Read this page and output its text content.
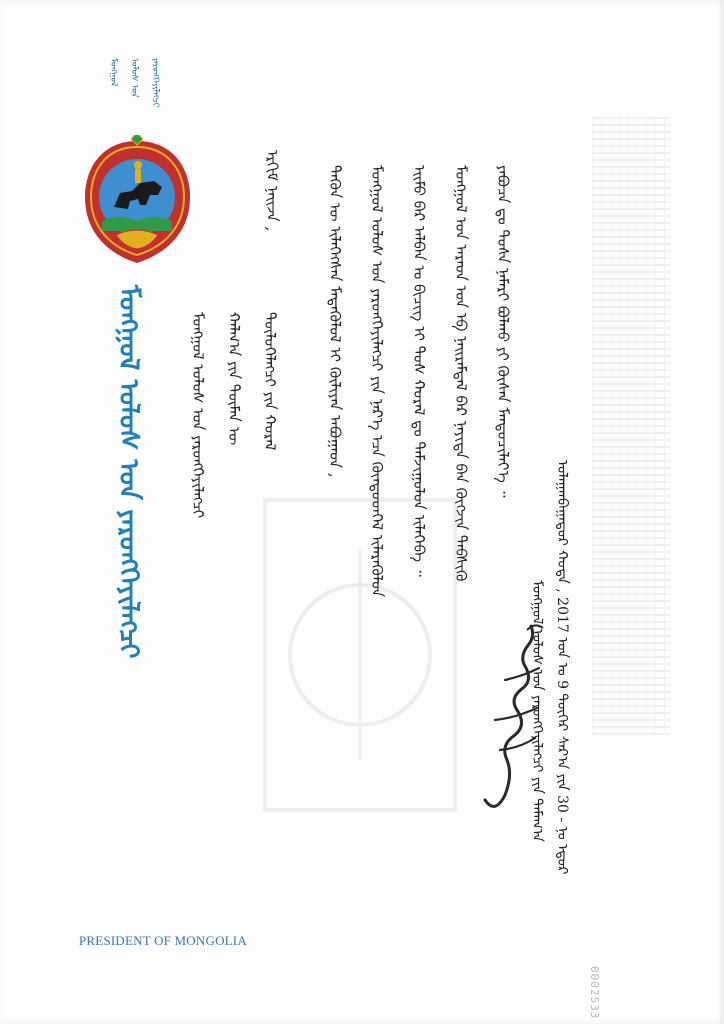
ᠮᠣᠩᠭᠣᠯ	ᠤᠯᠤᠰ ᠤᠨ	ᠶᠡᠷᠦᠩᠬᠡᠶᠢᠯᠡᠭᠴᠢ
ᠮᠣᠩᠭᠣᠯ ᠤᠯᠤᠰ ᠤᠨ ᠶᠡᠷᠦᠩᠬᠡᠶᠢᠯᠡᠭᠴᠢ	ᠮᠣᠩᠭᠣᠯ ᠤᠯᠤᠰ ᠤᠨ ᠶᠡᠷᠦᠩᠬᠡᠶᠢᠯᠡᠭᠴᠢ	ᠬᠠᠯᠬ᠎ᠠ ᠶᠢᠨ ᠲᠦᠮᠡᠨ ᠦ	ᠲᠥᠯᠥᠭᠡᠯᠡᠭᠴᠢ ᠶᠢᠨ ᠬᠤᠷᠠᠯ
ᠡᠷᠬᠢᠮ ᠨᠠᠢᠵᠠ ,	ᠲᠡᠭᠦᠨ ᠦ ᠢᠯᠡᠭᠡᠭᠰᠡᠨ ᠮᠡᠳᠡᠭᠦᠯᠦᠯ ᠢ ᠬᠦᠯᠢᠶᠡᠨ ᠠᠪᠤᠭᠠᠳ ,	ᠮᠣᠩᠭᠣᠯ ᠤᠯᠤᠰ ᠤᠨ ᠶᠡᠷᠦᠩᠬᠡᠶᠢᠯᠡᠭᠴᠢ ᠶᠢᠨ ᠨᠡᠷ᠎ᠡ ᠡᠴᠡ ᠬᠦᠨᠳᠦᠳᠬᠡᠯ ᠢᠯᠡᠷᠡᠭᠦᠯᠦᠨ	ᠡᠢᠮᠦ ᠪᠠᠷ ᠠᠯᠪᠠᠨ ᠤ ᠪᠢᠴᠢᠭ ᠢ ᠲᠤᠰ ᠬᠤᠷᠠᠯ ᠳᠤ ᠳᠠᠮᠵᠢᠭᠤᠯᠤᠨ ᠢᠯᠡᠭᠡᠪᠡ ᠃	ᠮᠣᠩᠭᠣᠯ ᠤᠨ ᠠᠷᠠᠳ ᠤᠨ ᠡᠪ ᠨᠠᠢᠷᠠᠮᠳᠠᠯ ᠪᠠᠷ ᠨᠡᠶᠢᠲᠡ ᠪᠡᠨ ᠬᠥᠭᠵᠢᠨ ᠳᠡᠪᠱᠢᠬᠦ	ᠶᠠᠪᠤᠴᠠ ᠳᠤ ᠲᠤᠰᠠ ᠨᠡᠮᠡᠷᠢ ᠪᠣᠯᠬᠤ ᠶᠢ ᠬᠦᠰᠡᠨ ᠮᠡᠨᠳᠦᠴᠢᠯᠡᠶ᠎ᠡ ᠃
ᠮᠣᠩᠭᠣᠯ ᠤᠯᠤᠰ ᠤᠨ ᠶᠡᠷᠦᠩᠬᠡᠶᠢᠯᠡᠭᠴᠢ ᠶᠢᠨ ᠲᠠᠮᠠᠭ᠎ᠠ ᠤᠯᠠᠭᠠᠨᠪᠠᠭᠠᠲᠤᠷ ᠬᠣᠲᠠ , 2017 ᠣᠨ ᠤ 9 ᠳᠦᠭᠡᠷ ᠰᠠᠷ᠎ᠠ ᠶᠢᠨ 30 - ᠨᠤ ᠡᠳᠦᠷ
PRESIDENT OF MONGOLIA
0002533
